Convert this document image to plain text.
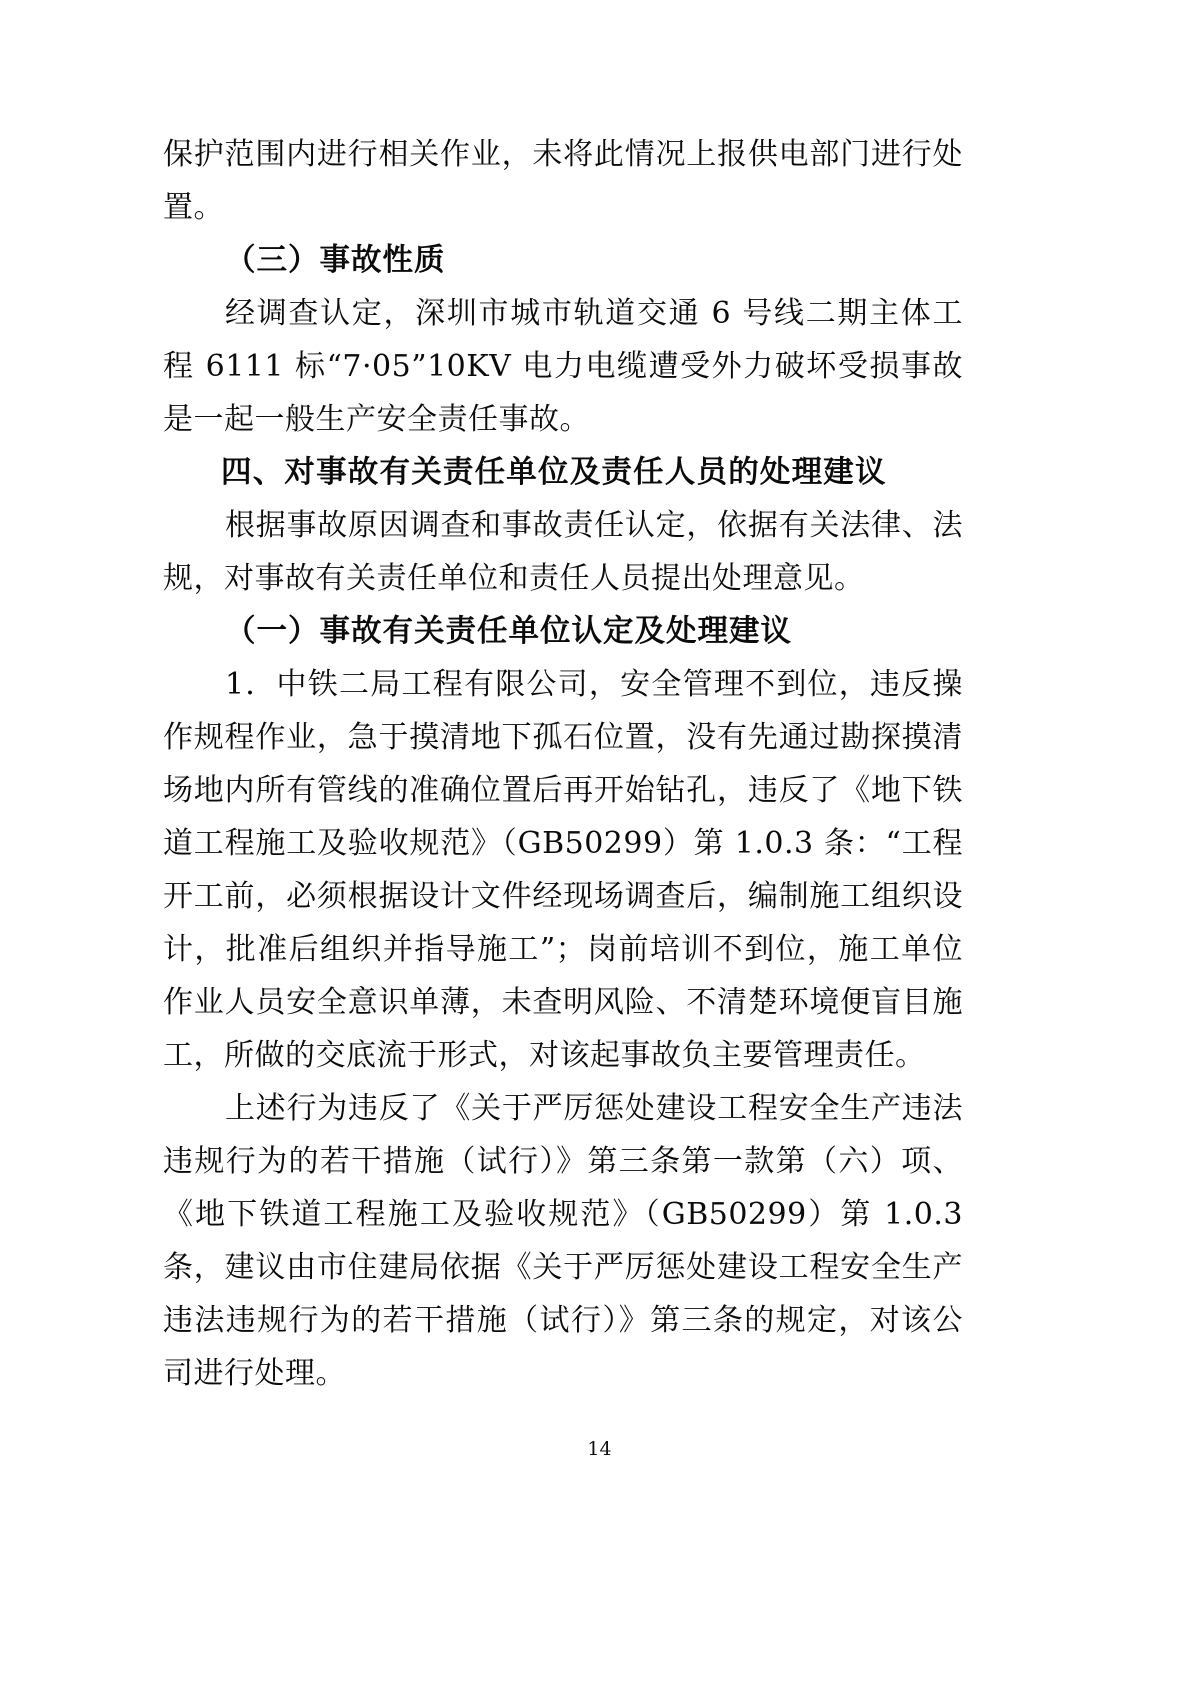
保护范围内进行相关作业，未将此情况上报供电部门进行处置。

（三）事故性质

经调查认定，深圳市城市轨道交通 6 号线二期主体工程 6111 标“7·05”10KV 电力电缆遭受外力破坏受损事故是一起一般生产安全责任事故。

四、对事故有关责任单位及责任人员的处理建议

根据事故原因调查和事故责任认定，依据有关法律、法规，对事故有关责任单位和责任人员提出处理意见。

（一）事故有关责任单位认定及处理建议

1．中铁二局工程有限公司，安全管理不到位，违反操作规程作业，急于摸清地下孤石位置，没有先通过勘探摸清场地内所有管线的准确位置后再开始钻孔，违反了《地下铁道工程施工及验收规范》（GB50299）第 1.0.3 条：“工程开工前，必须根据设计文件经现场调查后，编制施工组织设计，批准后组织并指导施工”；岗前培训不到位，施工单位作业人员安全意识单薄，未查明风险、不清楚环境便盲目施工，所做的交底流于形式，对该起事故负主要管理责任。

上述行为违反了《关于严厉惩处建设工程安全生产违法违规行为的若干措施（试行）》第三条第一款第（六）项、《地下铁道工程施工及验收规范》（GB50299）第 1.0.3 条，建议由市住建局依据《关于严厉惩处建设工程安全生产违法违规行为的若干措施（试行）》第三条的规定，对该公司进行处理。

14
